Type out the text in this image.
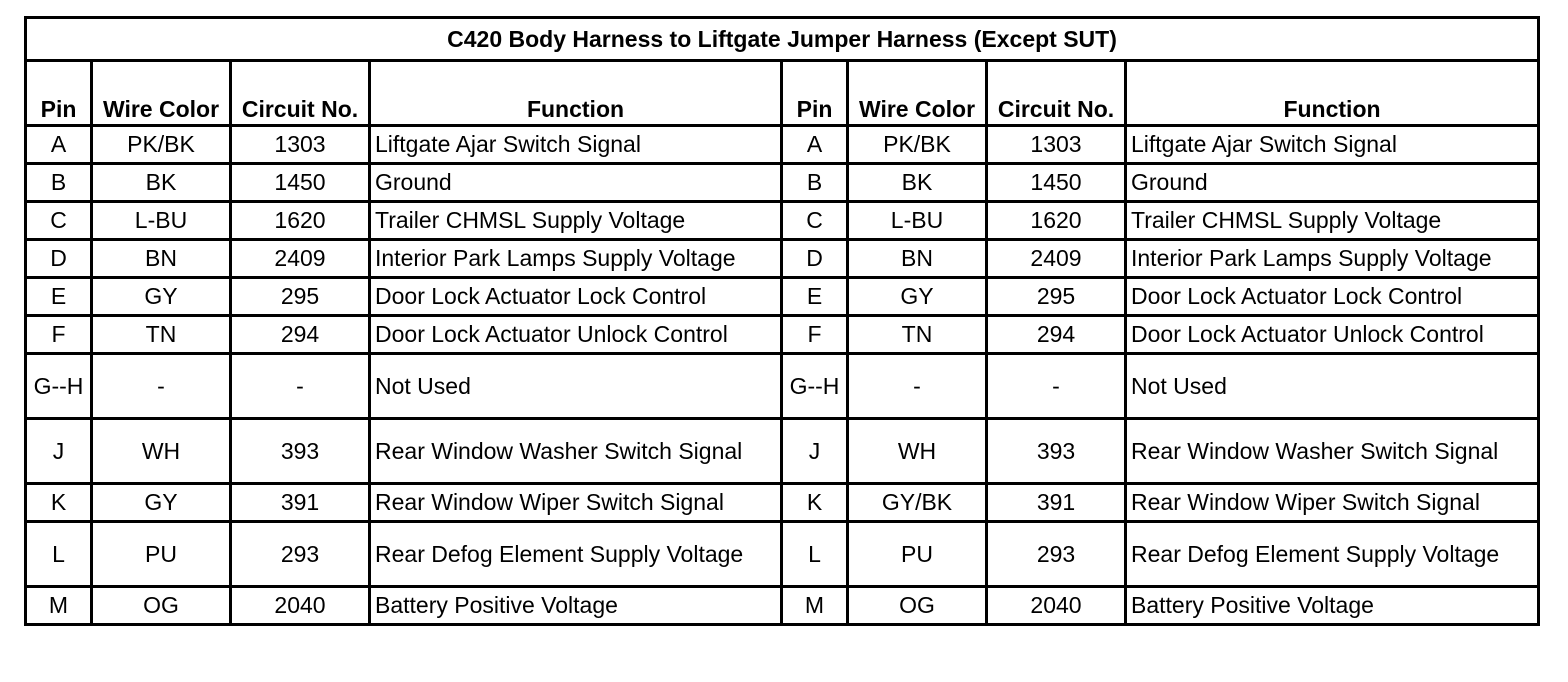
C420 Body Harness to Liftgate Jumper Harness (Except SUT)							
Pin	Wire Color	Circuit No.	Function	Pin	Wire Color	Circuit No.	Function
A	PK/BK	1303	Liftgate Ajar Switch Signal	A	PK/BK	1303	Liftgate Ajar Switch Signal
B	BK	1450	Ground	B	BK	1450	Ground
C	L-BU	1620	Trailer CHMSL Supply Voltage	C	L-BU	1620	Trailer CHMSL Supply Voltage
D	BN	2409	Interior Park Lamps Supply Voltage	D	BN	2409	Interior Park Lamps Supply Voltage
E	GY	295	Door Lock Actuator Lock Control	E	GY	295	Door Lock Actuator Lock Control
F	TN	294	Door Lock Actuator Unlock Control	F	TN	294	Door Lock Actuator Unlock Control
G--H	-	-	Not Used	G--H	-	-	Not Used
J	WH	393	Rear Window Washer Switch Signal	J	WH	393	Rear Window Washer Switch Signal
K	GY	391	Rear Window Wiper Switch Signal	K	GY/BK	391	Rear Window Wiper Switch Signal
L	PU	293	Rear Defog Element Supply Voltage	L	PU	293	Rear Defog Element Supply Voltage
M	OG	2040	Battery Positive Voltage	M	OG	2040	Battery Positive Voltage
